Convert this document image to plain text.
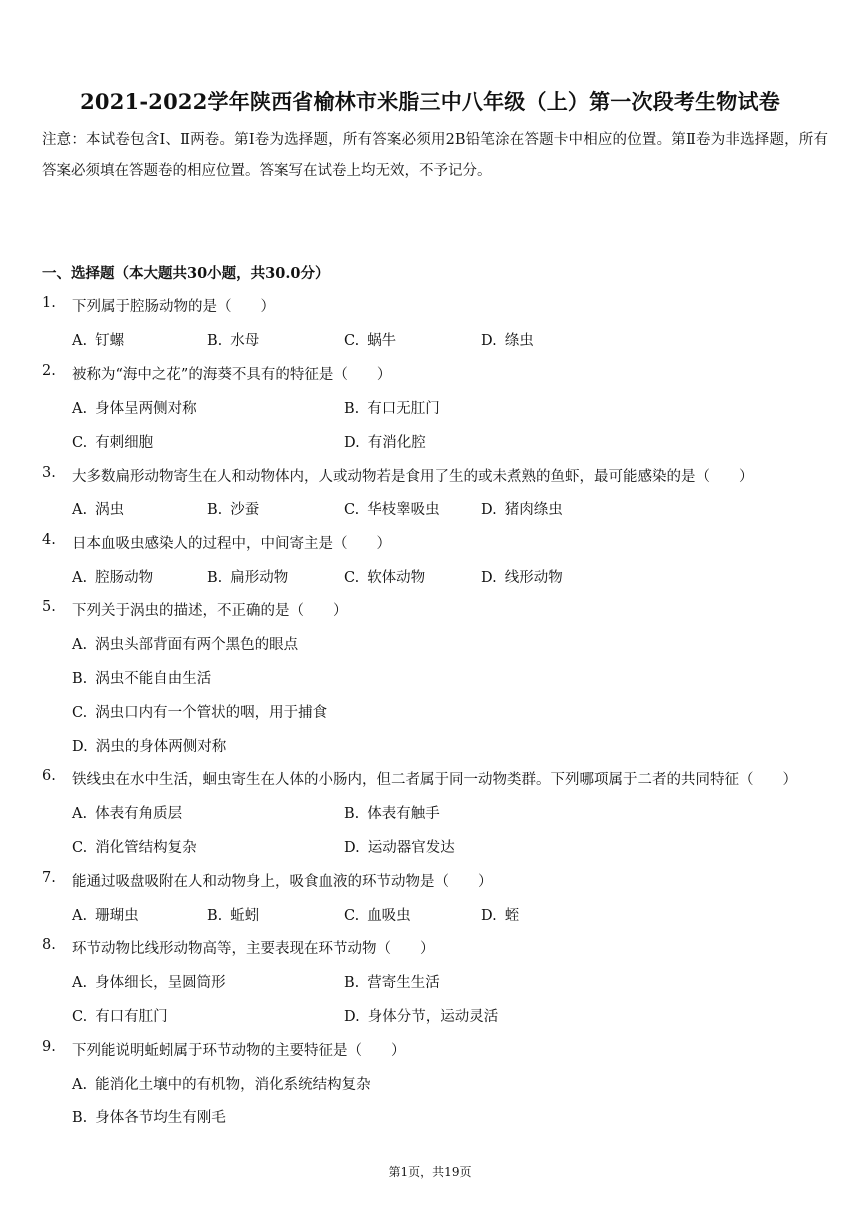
2021-2022学年陕西省榆林市米脂三中八年级（上）第一次段考生物试卷
注意：本试卷包含Ⅰ、Ⅱ两卷。第Ⅰ卷为选择题，所有答案必须用2B铅笔涂在答题卡中相应的位置。第Ⅱ卷为非选择题，所有答案必须填在答题卷的相应位置。答案写在试卷上均无效，不予记分。
一、选择题（本大题共30小题，共30.0分）
1.	下列属于腔肠动物的是（　　）
A. 钉螺	B. 水母	C. 蜗牛	D. 绦虫
2.	被称为“海中之花”的海葵不具有的特征是（　　）
A. 身体呈两侧对称	B. 有口无肛门
C. 有刺细胞	D. 有消化腔
3.	大多数扁形动物寄生在人和动物体内，人或动物若是食用了生的或未煮熟的鱼虾，最可能感染的是（　　）
A. 涡虫	B. 沙蚕	C. 华枝睾吸虫	D. 猪肉绦虫
4.	日本血吸虫感染人的过程中，中间寄主是（　　）
A. 腔肠动物	B. 扁形动物	C. 软体动物	D. 线形动物
5.	下列关于涡虫的描述，不正确的是（　　）
A. 涡虫头部背面有两个黑色的眼点
B. 涡虫不能自由生活
C. 涡虫口内有一个管状的咽，用于捕食
D. 涡虫的身体两侧对称
6.	铁线虫在水中生活，蛔虫寄生在人体的小肠内，但二者属于同一动物类群。下列哪项属于二者的共同特征（　　）
A. 体表有角质层	B. 体表有触手
C. 消化管结构复杂	D. 运动器官发达
7.	能通过吸盘吸附在人和动物身上，吸食血液的环节动物是（　　）
A. 珊瑚虫	B. 蚯蚓	C. 血吸虫	D. 蛭
8.	环节动物比线形动物高等，主要表现在环节动物（　　）
A. 身体细长，呈圆筒形	B. 营寄生生活
C. 有口有肛门	D. 身体分节，运动灵活
9.	下列能说明蚯蚓属于环节动物的主要特征是（　　）
A. 能消化土壤中的有机物，消化系统结构复杂
B. 身体各节均生有刚毛
第1页，共19页
